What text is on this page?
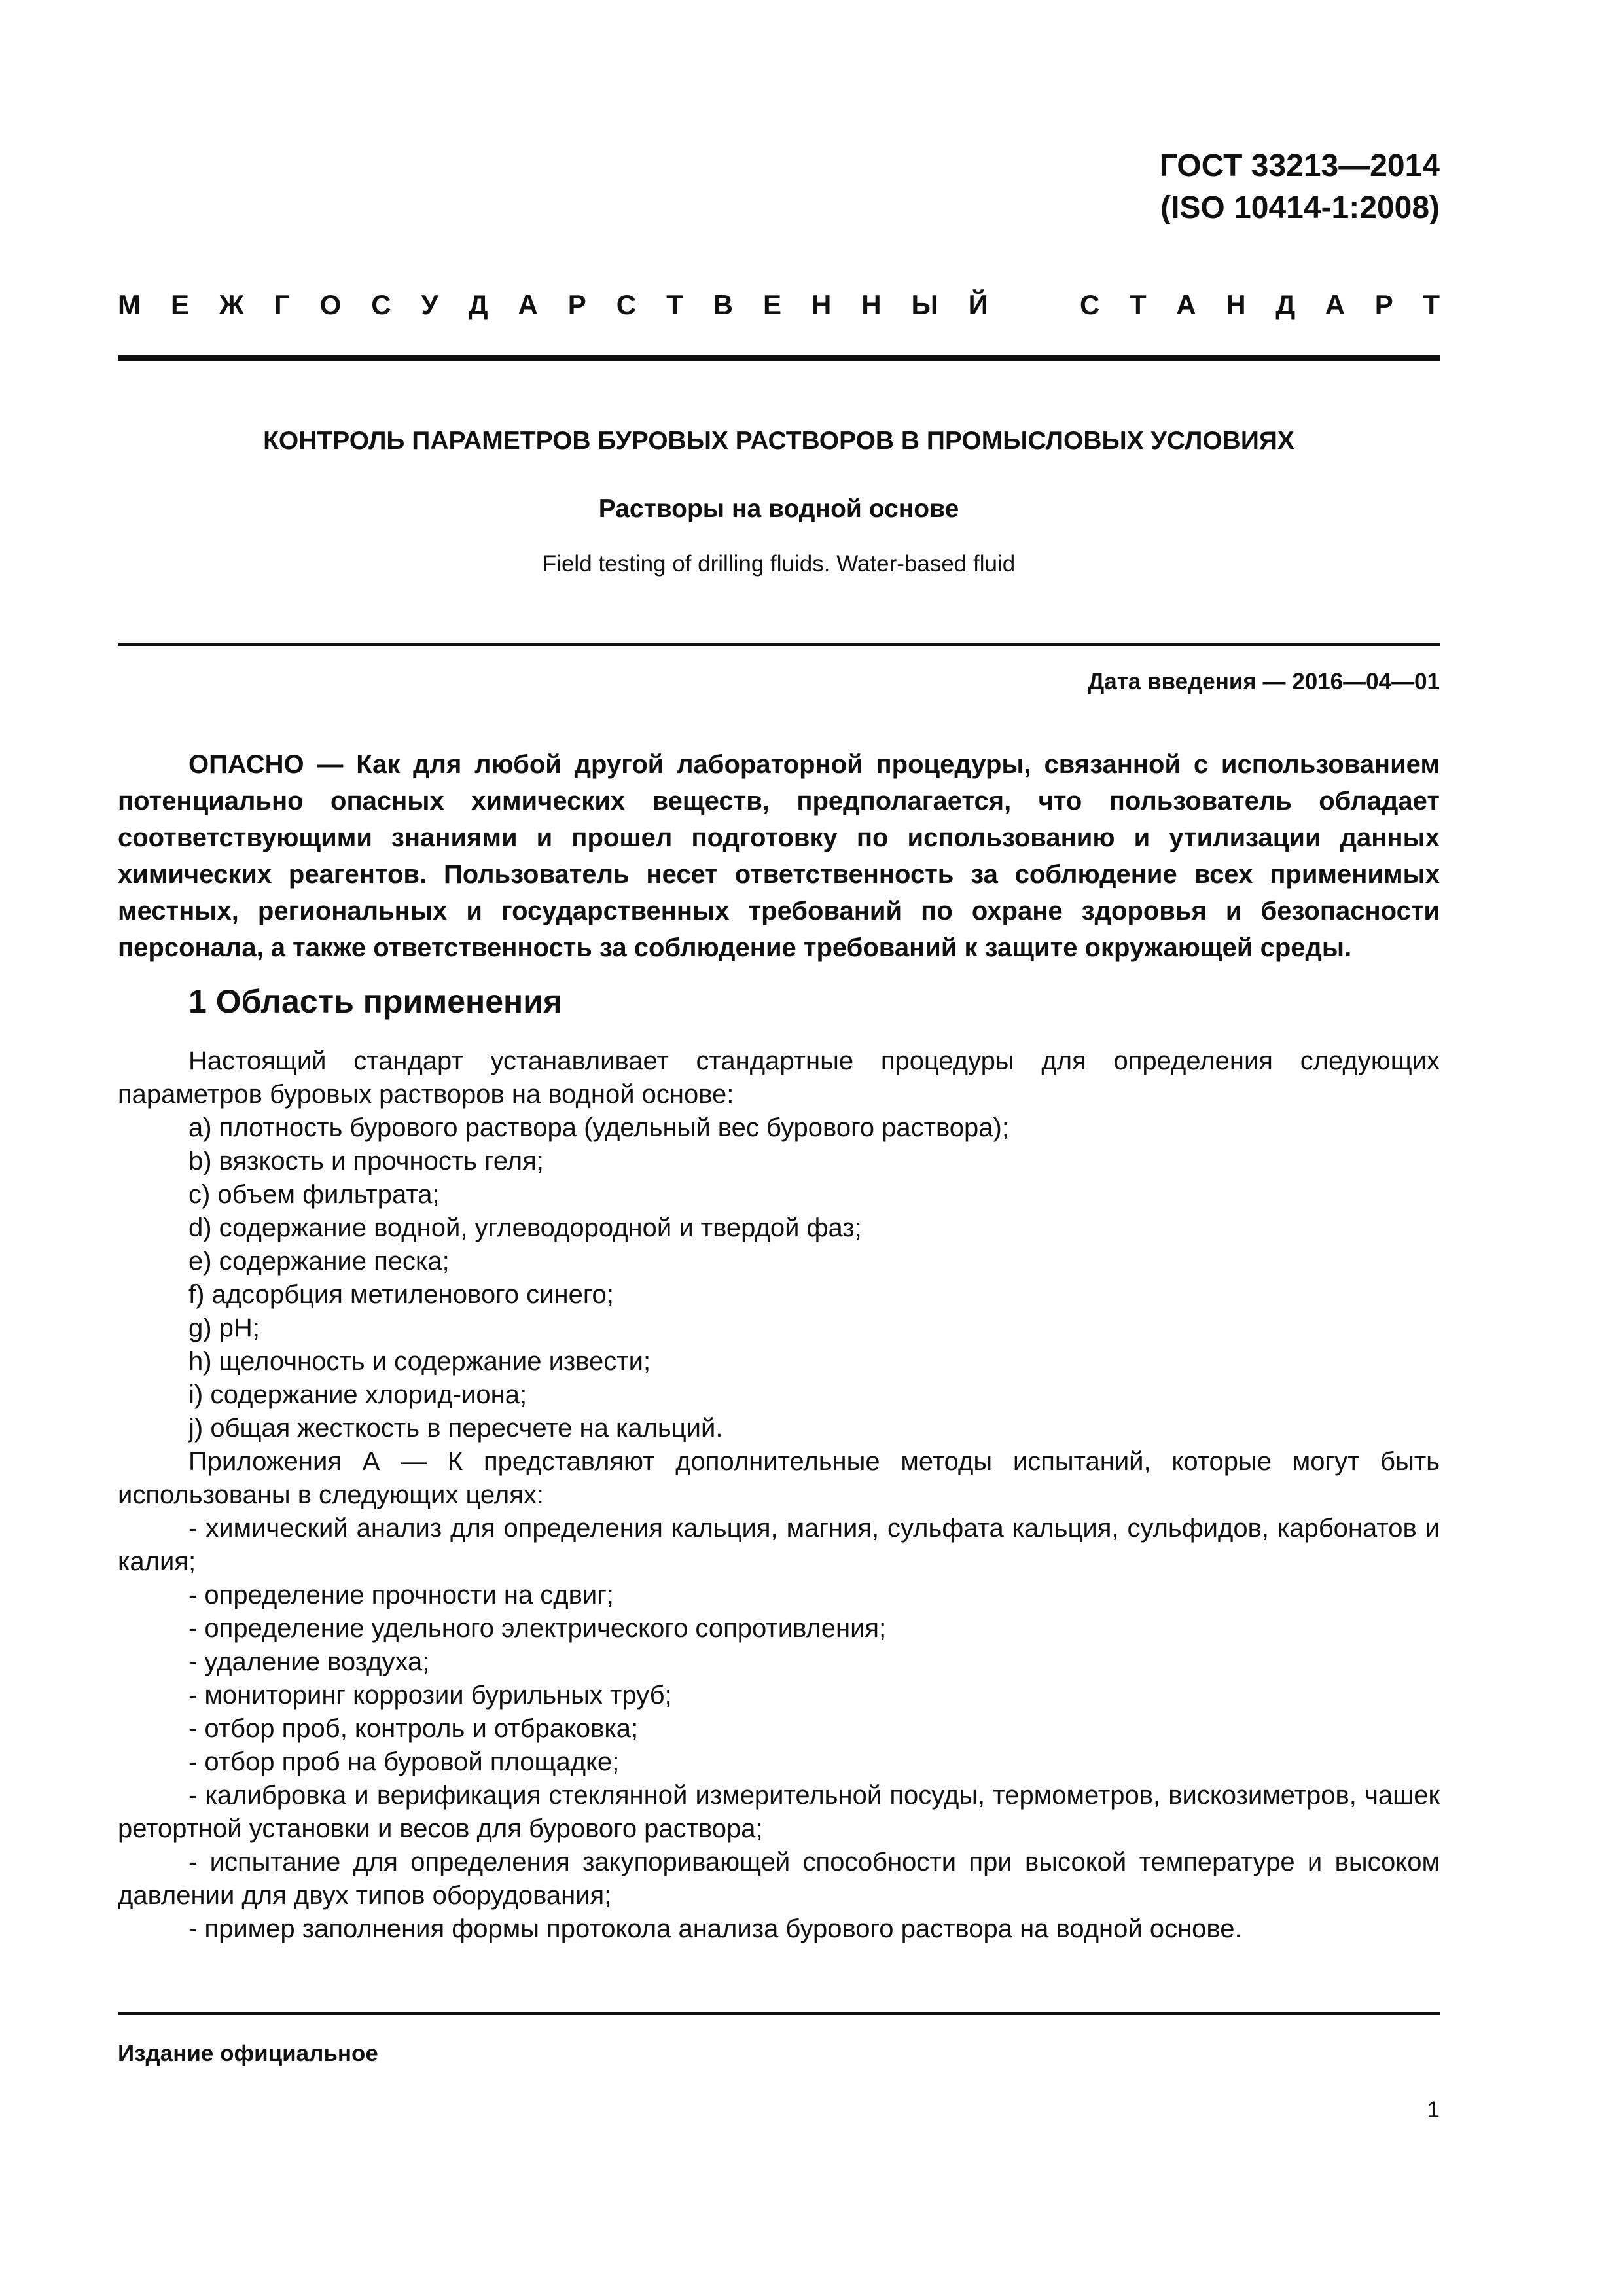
ГОСТ 33213—2014
(ISO 10414-1:2008)
М Е Ж Г О С У Д А Р С Т В Е Н Н Ы Й	С Т А Н Д А Р Т
КОНТРОЛЬ ПАРАМЕТРОВ БУРОВЫХ РАСТВОРОВ В ПРОМЫСЛОВЫХ УСЛОВИЯХ
Растворы на водной основе
Field testing of drilling fluids. Water-based fluid
Дата введения — 2016—04—01

ОПАСНО — Как для любой другой лабораторной процедуры, связанной с использованием потенциально опасных химических веществ, предполагается, что пользователь обладает соответствующими знаниями и прошел подготовку по использованию и утилизации данных химических реагентов. Пользователь несет ответственность за соблюдение всех применимых местных, региональных и государственных требований по охране здоровья и безопасности персонала, а также ответственность за соблюдение требований к защите окружающей среды.

1 Область применения

Настоящий стандарт устанавливает стандартные процедуры для определения следующих параметров буровых растворов на водной основе:

a) плотность бурового раствора (удельный вес бурового раствора);

b) вязкость и прочность геля;

c) объем фильтрата;

d) содержание водной, углеводородной и твердой фаз;

e) содержание песка;

f) адсорбция метиленового синего;

g) pH;

h) щелочность и содержание извести;

i) содержание хлорид-иона;

j) общая жесткость в пересчете на кальций.

Приложения А — К представляют дополнительные методы испытаний, которые могут быть использованы в следующих целях:

- химический анализ для определения кальция, магния, сульфата кальция, сульфидов, карбонатов и калия;

- определение прочности на сдвиг;

- определение удельного электрического сопротивления;

- удаление воздуха;

- мониторинг коррозии бурильных труб;

- отбор проб, контроль и отбраковка;

- отбор проб на буровой площадке;

- калибровка и верификация стеклянной измерительной посуды, термометров, вискозиметров, чашек ретортной установки и весов для бурового раствора;

- испытание для определения закупоривающей способности при высокой температуре и высоком давлении для двух типов оборудования;

- пример заполнения формы протокола анализа бурового раствора на водной основе.

Издание официальное
1
